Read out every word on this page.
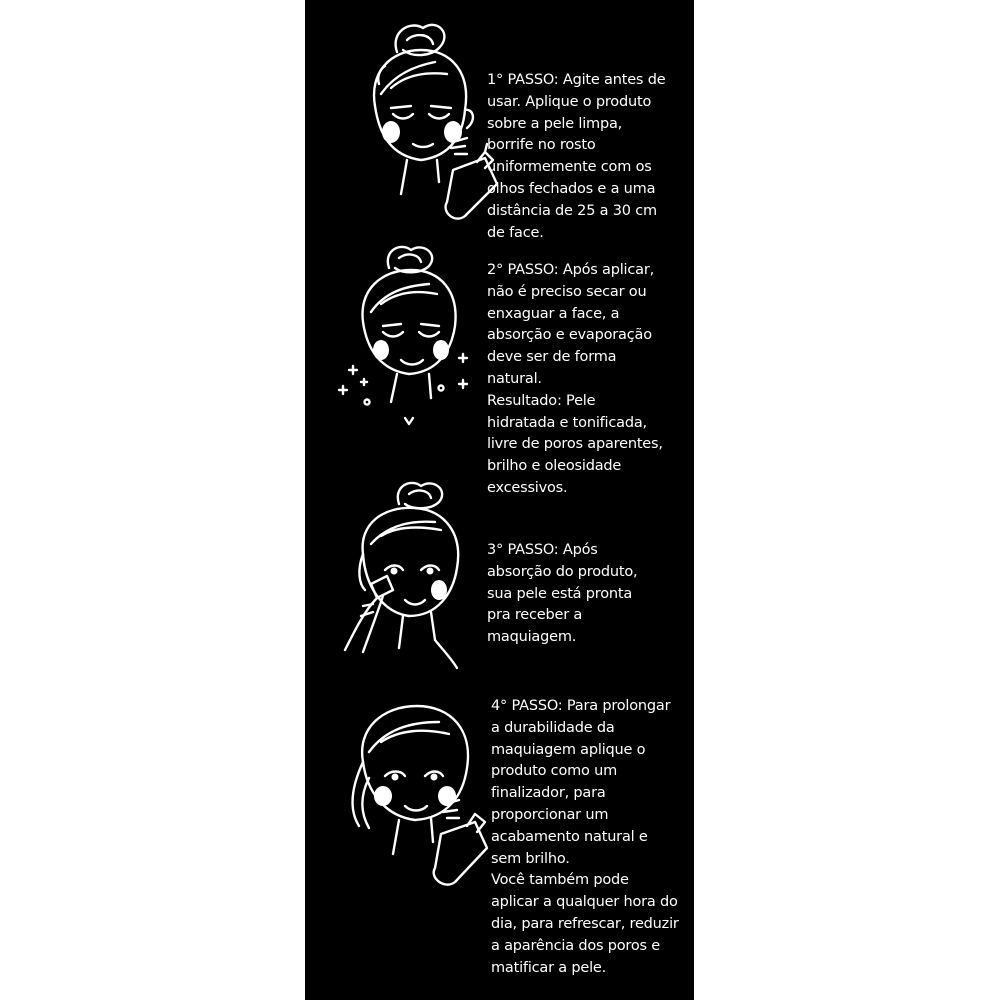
1° PASSO: Agite antes de
usar. Aplique o produto
sobre a pele limpa,
borrife no rosto
uniformemente com os
olhos fechados e a uma
distância de 25 a 30 cm
de face.
2° PASSO: Após aplicar,
não é preciso secar ou
enxaguar a face, a
absorção e evaporação
deve ser de forma
natural.
Resultado: Pele
hidratada e tonificada,
livre de poros aparentes,
brilho e oleosidade
excessivos.
3° PASSO: Após
absorção do produto,
sua pele está pronta
pra receber a
maquiagem.
4° PASSO: Para prolongar
a durabilidade da
maquiagem aplique o
produto como um
finalizador, para
proporcionar um
acabamento natural e
sem brilho.
Você também pode
aplicar a qualquer hora do
dia, para refrescar, reduzir
a aparência dos poros e
matificar a pele.
